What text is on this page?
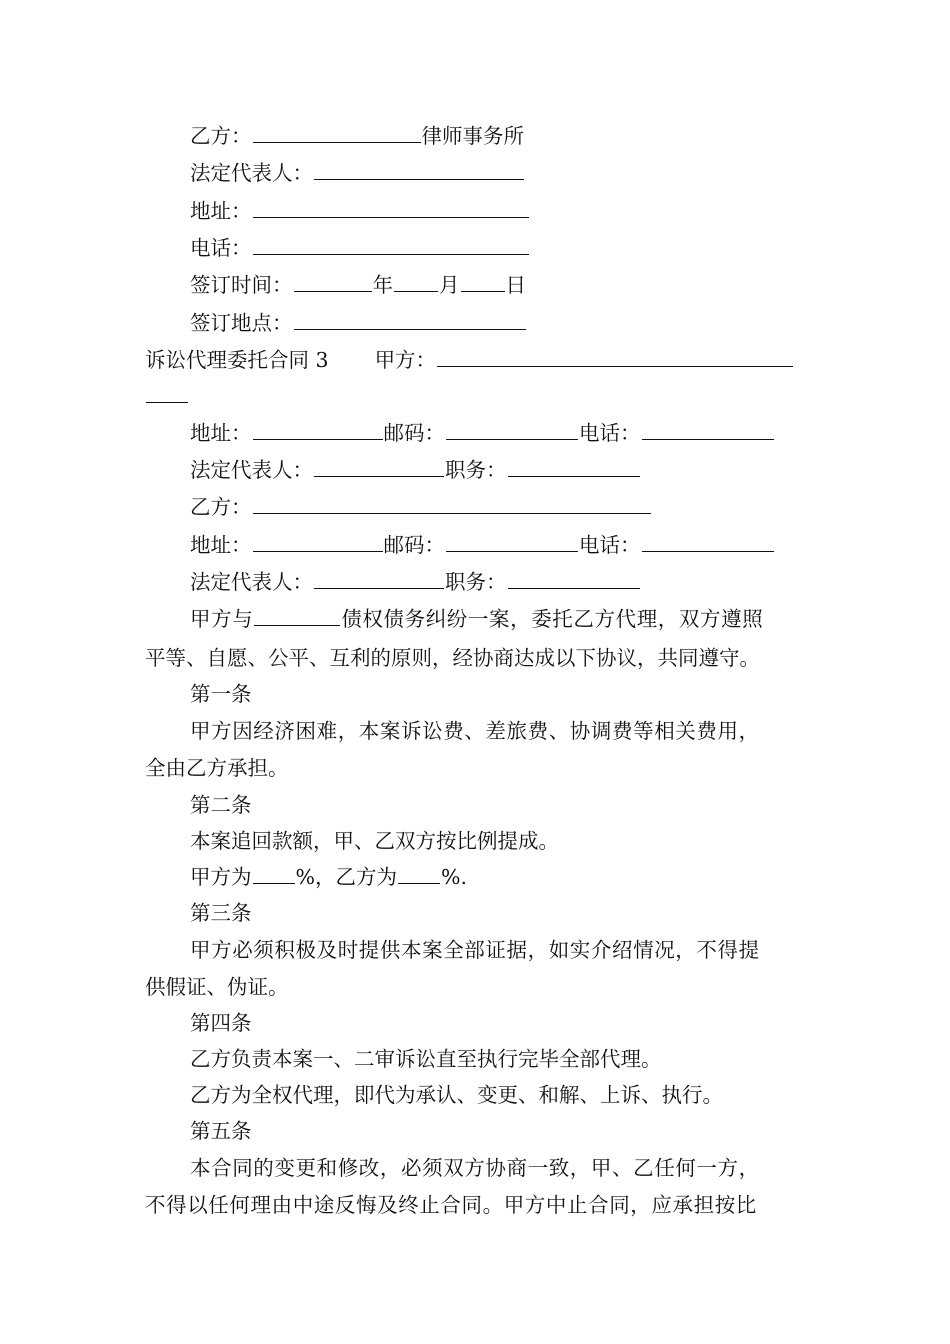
乙方：	律师事务所
法定代表人：
地址：
电话：
签订时间：	年 月 日
签订地点：
诉讼代理委托合同 3 甲方：
地址：	邮码：	电话：
法定代表人：	职务：
乙方：
地址：	邮码：	电话：
法定代表人：	职务：
甲方与	债权债务纠纷一案，委托乙方代理，双方遵照
平等、自愿、公平、互利的原则，经协商达成以下协议，共同遵守。
第一条
甲方因经济困难，本案诉讼费、差旅费、协调费等相关费用，
全由乙方承担。
第二条
本案追回款额，甲、乙双方按比例提成。
甲方为 %，乙方为 %.
第三条
甲方必须积极及时提供本案全部证据，如实介绍情况，不得提
供假证、伪证。
第四条
乙方负责本案一、二审诉讼直至执行完毕全部代理。
乙方为全权代理，即代为承认、变更、和解、上诉、执行。
第五条
本合同的变更和修改，必须双方协商一致，甲、乙任何一方，
不得以任何理由中途反悔及终止合同。甲方中止合同，应承担按比
